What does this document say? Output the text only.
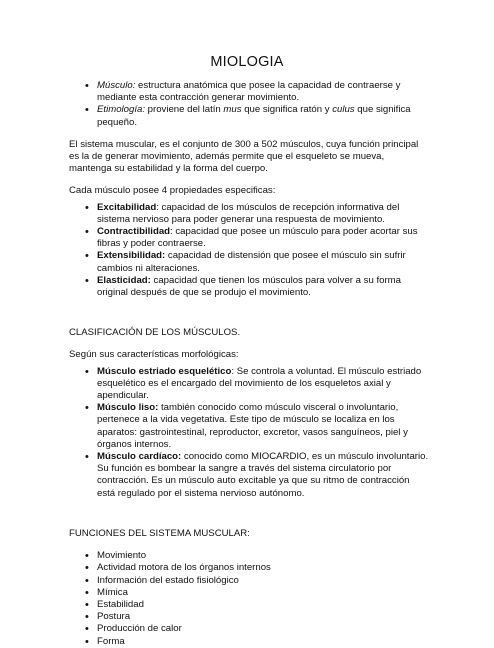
MIOLOGIA
• Músculo: estructura anatómica que posee la capacidad de contraerse y mediante esta contracción generar movimiento.
• Etimología: proviene del latín mus que significa ratón y culus que significa pequeño.

El sistema muscular, es el conjunto de 300 a 502 músculos, cuya función principal es la de generar movimiento, además permite que el esqueleto se mueva, mantenga su estabilidad y la forma del cuerpo.

Cada músculo posee 4 propiedades especificas:

• Excitabilidad: capacidad de los músculos de recepción informativa del sistema nervioso para poder generar una respuesta de movimiento.
• Contractibilidad: capacidad que posee un músculo para poder acortar sus fibras y poder contraerse.
• Extensibilidad: capacidad de distensión que posee el músculo sin sufrir cambios ni alteraciones.
• Elasticidad: capacidad que tienen los músculos para volver a su forma original después de que se produjo el movimiento.

CLASIFICACIÓN DE LOS MÚSCULOS.

Según sus características morfológicas:

• Músculo estriado esquelético: Se controla a voluntad. El músculo estriado esquelético es el encargado del movimiento de los esqueletos axial y apendicular.
• Músculo liso: también conocido como músculo visceral o involuntario, pertenece a la vida vegetativa. Este tipo de músculo se localiza en los aparatos: gastrointestinal, reproductor, excretor, vasos sanguíneos, piel y órganos internos.
• Músculo cardíaco: conocido como MIOCARDIO, es un músculo involuntario. Su función es bombear la sangre a través del sistema circulatorio por contracción. Es un músculo auto excitable ya que su ritmo de contracción está regulado por el sistema nervioso autónomo.

FUNCIONES DEL SISTEMA MUSCULAR:

• Movimiento
• Actividad motora de los órganos internos
• Información del estado fisiológico
• Mímica
• Estabilidad
• Postura
• Producción de calor
• Forma
